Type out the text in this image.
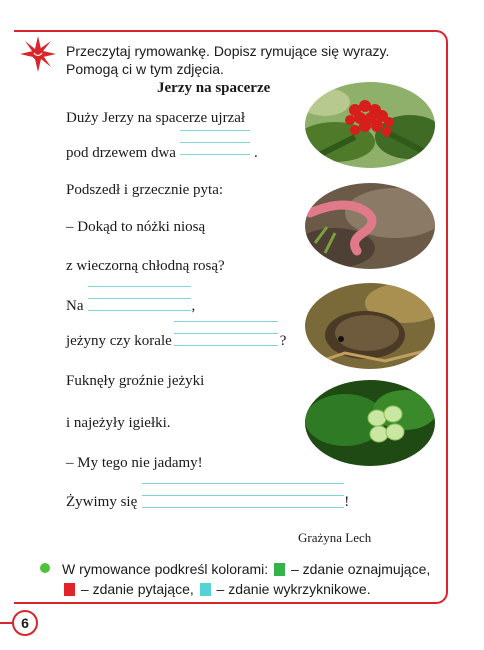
Przeczytaj rymowankę. Dopisz rymujące się wyrazy. Pomogą ci w tym zdjęcia.
Jerzy na spacerze
Duży Jerzy na spacerze ujrzał
pod drzewem dwa	.
Podszedł i grzecznie pyta:
– Dokąd to nóżki niosą
z wieczorną chłodną rosą?
Na	,
jeżyny czy korale	?
Fuknęły groźnie jeżyki
i najeżyły igiełki.
– My tego nie jadamy!
Żywimy się	!
Grażyna Lech
W rymowance podkreśl kolorami: – zdanie oznajmujące,
– zdanie pytające, – zdanie wykrzyknikowe.
6
